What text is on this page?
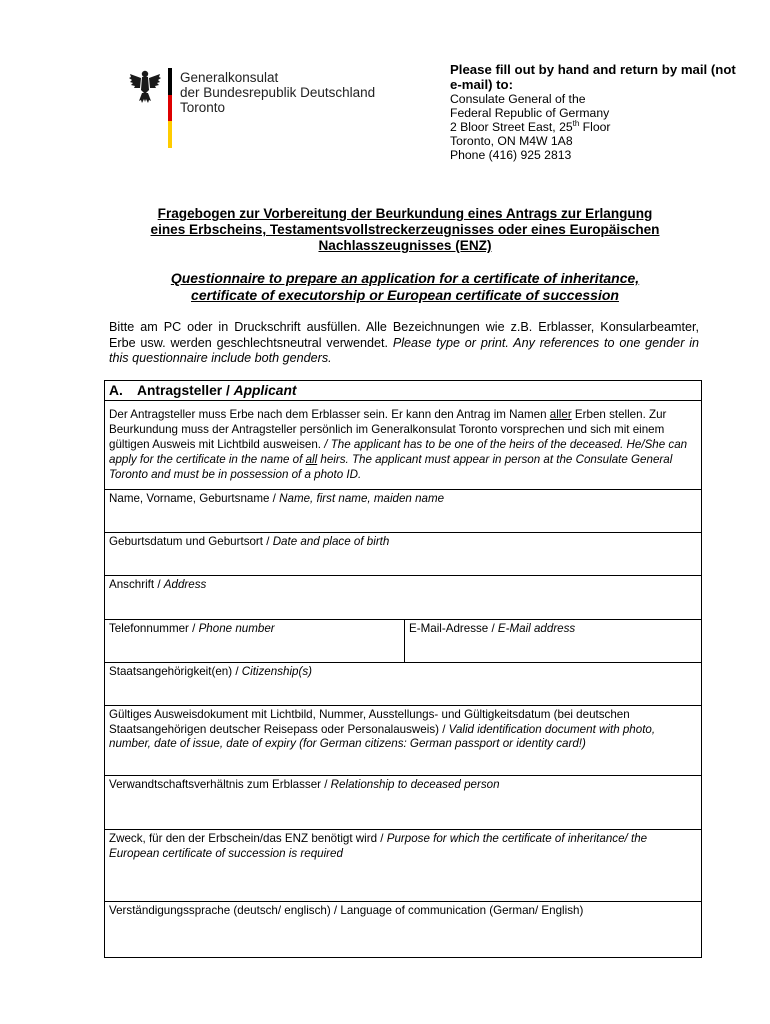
Generalkonsulat
der Bundesrepublik Deutschland
Toronto
Please fill out by hand and return by mail (not e-mail) to:
Consulate General of the
Federal Republic of Germany
2 Bloor Street East, 25th Floor
Toronto, ON M4W 1A8
Phone (416) 925 2813
Fragebogen zur Vorbereitung der Beurkundung eines Antrags zur Erlangung
eines Erbscheins, Testamentsvollstreckerzeugnisses oder eines Europäischen
Nachlasszeugnisses (ENZ)
Questionnaire to prepare an application for a certificate of inheritance,
certificate of executorship or European certificate of succession
Bitte am PC oder in Druckschrift ausfüllen. Alle Bezeichnungen wie z.B. Erblasser, Konsularbeamter, Erbe usw. werden geschlechtsneutral verwendet. Please type or print. Any references to one gender in this questionnaire include both genders.
A. Antragsteller / Applicant
Der Antragsteller muss Erbe nach dem Erblasser sein. Er kann den Antrag im Namen aller Erben stellen. Zur Beurkundung muss der Antragsteller persönlich im Generalkonsulat Toronto vorsprechen und sich mit einem gültigen Ausweis mit Lichtbild ausweisen. / The applicant has to be one of the heirs of the deceased. He/She can apply for the certificate in the name of all heirs. The applicant must appear in person at the Consulate General Toronto and must be in possession of a photo ID.
Name, Vorname, Geburtsname / Name, first name, maiden name
Geburtsdatum und Geburtsort / Date and place of birth
Anschrift / Address
Telefonnummer / Phone number	E-Mail-Adresse / E-Mail address
Staatsangehörigkeit(en) / Citizenship(s)
Gültiges Ausweisdokument mit Lichtbild, Nummer, Ausstellungs- und Gültigkeitsdatum (bei deutschen Staatsangehörigen deutscher Reisepass oder Personalausweis) / Valid identification document with photo, number, date of issue, date of expiry (for German citizens: German passport or identity card!)
Verwandtschaftsverhältnis zum Erblasser / Relationship to deceased person
Zweck, für den der Erbschein/das ENZ benötigt wird / Purpose for which the certificate of inheritance/ the European certificate of succession is required
Verständigungssprache (deutsch/ englisch) / Language of communication (German/ English)
